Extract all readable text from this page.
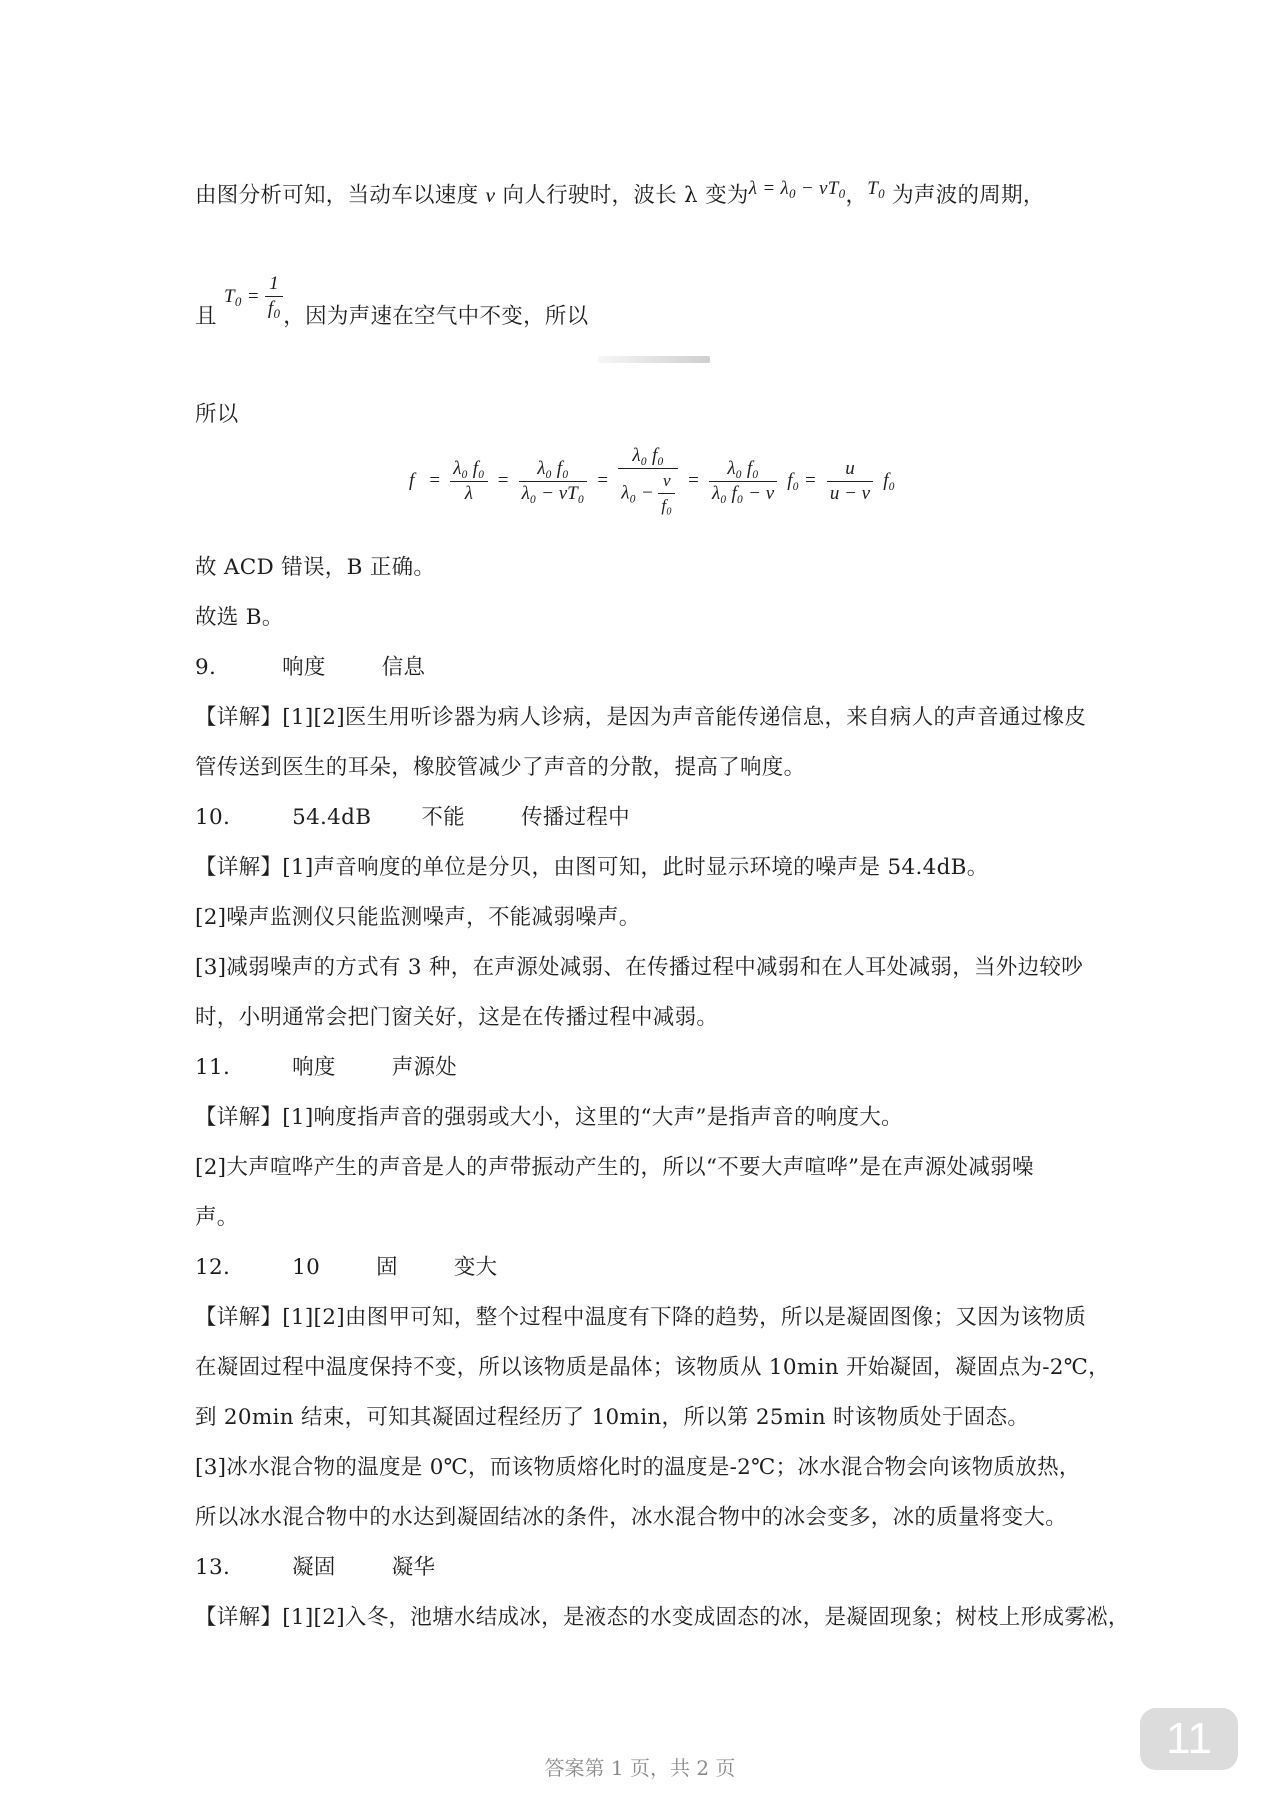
由图分析可知，当动车以速度 v 向人行驶时，波长 λ 变为$\lambda = \lambda_0 - vT_0$，$T_0$ 为声波的周期，
且 $T_0 = \frac{1}{f_0}$ ，因为声速在空气中不变，所以
所以
$f = \frac{\text{λ₀ f₀}}{\lambda} = \frac{\text{λ₀ f₀}}{\text{λ₀ − vT₀}} = \frac{\text{λ₀ f₀}}{\lambda_0 - \frac{v}{\text{f₀}}} = \frac{\text{λ₀ f₀}}{\text{λ₀ f₀ − v}} f_0 = \frac{u}{u - v} f_0$
故 ACD 错误，B 正确。
故选 B。
9.	响度	信息
【详解】[1][2]医生用听诊器为病人诊病，是因为声音能传递信息，来自病人的声音通过橡皮
管传送到医生的耳朵，橡胶管减少了声音的分散，提高了响度。
10.	54.4dB 不能	传播过程中
【详解】[1]声音响度的单位是分贝，由图可知，此时显示环境的噪声是 54.4dB。
[2]噪声监测仪只能监测噪声，不能减弱噪声。
[3]减弱噪声的方式有 3 种，在声源处减弱、在传播过程中减弱和在人耳处减弱，当外边较吵
时，小明通常会把门窗关好，这是在传播过程中减弱。
11.	响度	声源处
【详解】[1]响度指声音的强弱或大小，这里的“大声”是指声音的响度大。
[2]大声喧哗产生的声音是人的声带振动产生的，所以“不要大声喧哗”是在声源处减弱噪
声。
12.	10	固	变大
【详解】[1][2]由图甲可知，整个过程中温度有下降的趋势，所以是凝固图像；又因为该物质
在凝固过程中温度保持不变，所以该物质是晶体；该物质从 10min 开始凝固，凝固点为-2℃，
到 20min 结束，可知其凝固过程经历了 10min，所以第 25min 时该物质处于固态。
[3]冰水混合物的温度是 0℃，而该物质熔化时的温度是-2℃；冰水混合物会向该物质放热，
所以冰水混合物中的水达到凝固结冰的条件，冰水混合物中的冰会变多，冰的质量将变大。
13.	凝固	凝华
【详解】[1][2]入冬，池塘水结成冰，是液态的水变成固态的冰，是凝固现象；树枝上形成雾凇，
答案第 1 页，共 2 页
11
